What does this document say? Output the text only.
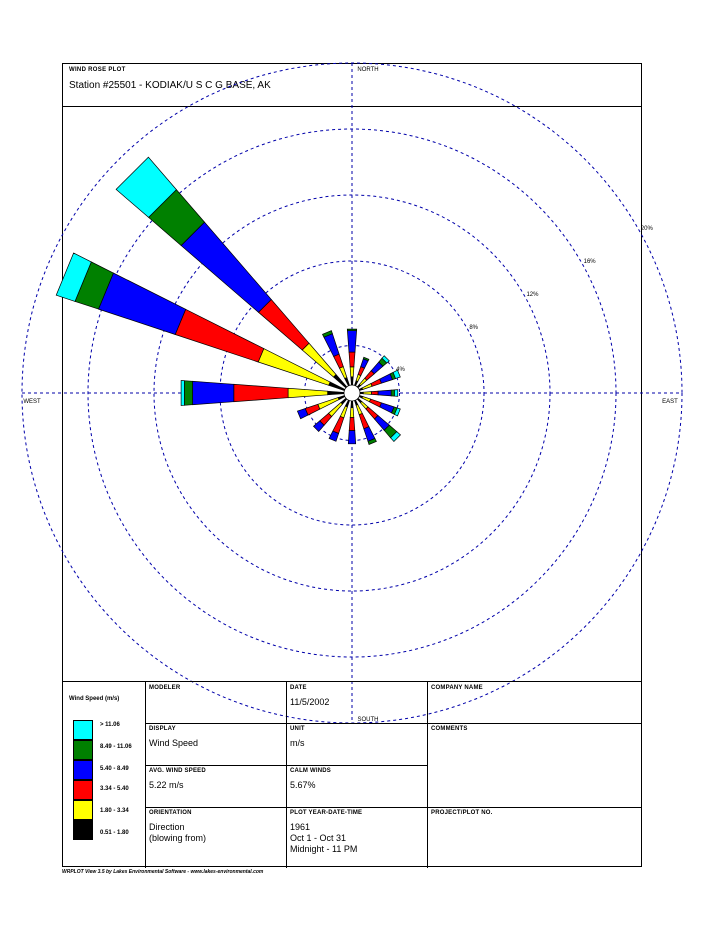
WIND ROSE PLOT
Station #25501 - KODIAK/U S C G BASE, AK
NORTH
SOUTH
WEST	EAST
4%
8%
12%
16%
20%
Wind Speed (m/s)
> 11.06
8.49 - 11.06
5.40 - 8.49
3.34 - 5.40
1.80 - 3.34
0.51 - 1.80
MODELER	DATE
11/5/2002
COMPANY NAME
DISPLAY
Wind Speed
UNIT
m/s
COMMENTS
AVG. WIND SPEED
5.22 m/s
CALM WINDS
5.67%
ORIENTATION
Direction
(blowing from)
PLOT YEAR-DATE-TIME
1961
Oct 1 - Oct 31
Midnight - 11 PM
PROJECT/PLOT NO.
WRPLOT View 3.5 by Lakes Environmental Software - www.lakes-environmental.com
